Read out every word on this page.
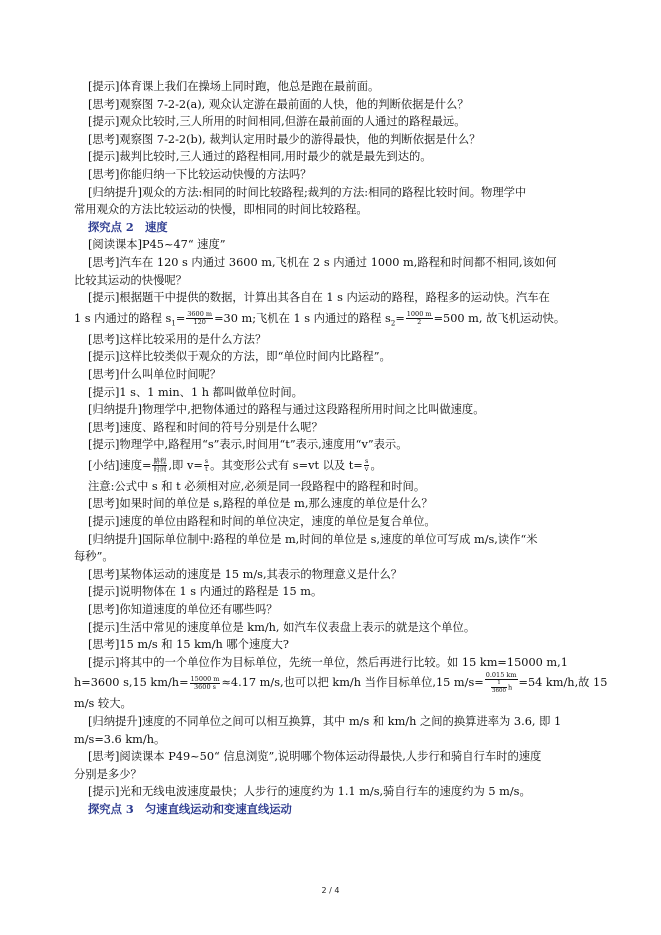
[提示]体育课上我们在操场上同时跑，他总是跑在最前面。
[思考]观察图 7-2-2(a), 观众认定游在最前面的人快，他的判断依据是什么？
[提示]观众比较时,三人所用的时间相同,但游在最前面的人通过的路程最远。
[思考]观察图 7-2-2(b), 裁判认定用时最少的游得最快，他的判断依据是什么？
[提示]裁判比较时,三人通过的路程相同,用时最少的就是最先到达的。
[思考]你能归纳一下比较运动快慢的方法吗？
[归纳提升]观众的方法:相同的时间比较路程;裁判的方法:相同的路程比较时间。物理学中
常用观众的方法比较运动的快慢，即相同的时间比较路程。
探究点 2　速度
[阅读课本]P45~47“ 速度”
[思考]汽车在 120 s 内通过 3600 m,飞机在 2 s 内通过 1000 m,路程和时间都不相同,该如何
比较其运动的快慢呢？
[提示]根据题干中提供的数据，计算出其各自在 1 s 内运动的路程，路程多的运动快。汽车在
1 s 内通过的路程 $s_1= \frac{3600 m}{120} =30$ m;飞机在 1 s 内通过的路程 $s_2= \frac{1000 m}{2} =500$ m, 故飞机运动快。
[思考]这样比较采用的是什么方法？
[提示]这样比较类似于观众的方法，即“单位时间内比路程”。
[思考]什么叫单位时间呢？
[提示]1 s、1 min、1 h 都叫做单位时间。
[归纳提升]物理学中,把物体通过的路程与通过这段路程所用时间之比叫做速度。
[思考]速度、路程和时间的符号分别是什么呢？
[提示]物理学中,路程用“s”表示,时间用“t”表示,速度用“v”表示。
[小结]速度= $\frac{\text{路程}}{\text{时间}}$ ,即 $v= \frac{s}{t}$ 。其变形公式有 s=vt 以及 $t= \frac{s}{v}$ 。
注意:公式中 s 和 t 必须相对应,必须是同一段路程中的路程和时间。
[思考]如果时间的单位是 s,路程的单位是 m,那么速度的单位是什么？
[提示]速度的单位由路程和时间的单位决定，速度的单位是复合单位。
[归纳提升]国际单位制中:路程的单位是 m,时间的单位是 s,速度的单位可写成 m/s,读作“米
每秒”。
[思考]某物体运动的速度是 15 m/s,其表示的物理意义是什么？
[提示]说明物体在 1 s 内通过的路程是 15 m。
[思考]你知道速度的单位还有哪些吗？
[提示]生活中常见的速度单位是 km/h, 如汽车仪表盘上表示的就是这个单位。
[思考]15 m/s 和 15 km/h 哪个速度大?
[提示]将其中的一个单位作为目标单位，先统一单位，然后再进行比较。如 15 km=15000 m,1
h=3600 s,15 $km/h= \frac{15000 m}{3600 s} \approx 4.17$ m/s,也可以把 km/h 当作目标单位,15 $m/s= \frac{0.015 km}{\frac{1}{3600} h} =54$ km/h,故 15
m/s 较大。
[归纳提升]速度的不同单位之间可以相互换算，其中 m/s 和 km/h 之间的换算进率为 3.6, 即 1
m/s=3.6 km/h。
[思考]阅读课本 P49~50“ 信息浏览”,说明哪个物体运动得最快,人步行和骑自行车时的速度
分别是多少？
[提示]光和无线电波速度最快；人步行的速度约为 1.1 m/s,骑自行车的速度约为 5 m/s。
探究点 3　匀速直线运动和变速直线运动
2 / 4
